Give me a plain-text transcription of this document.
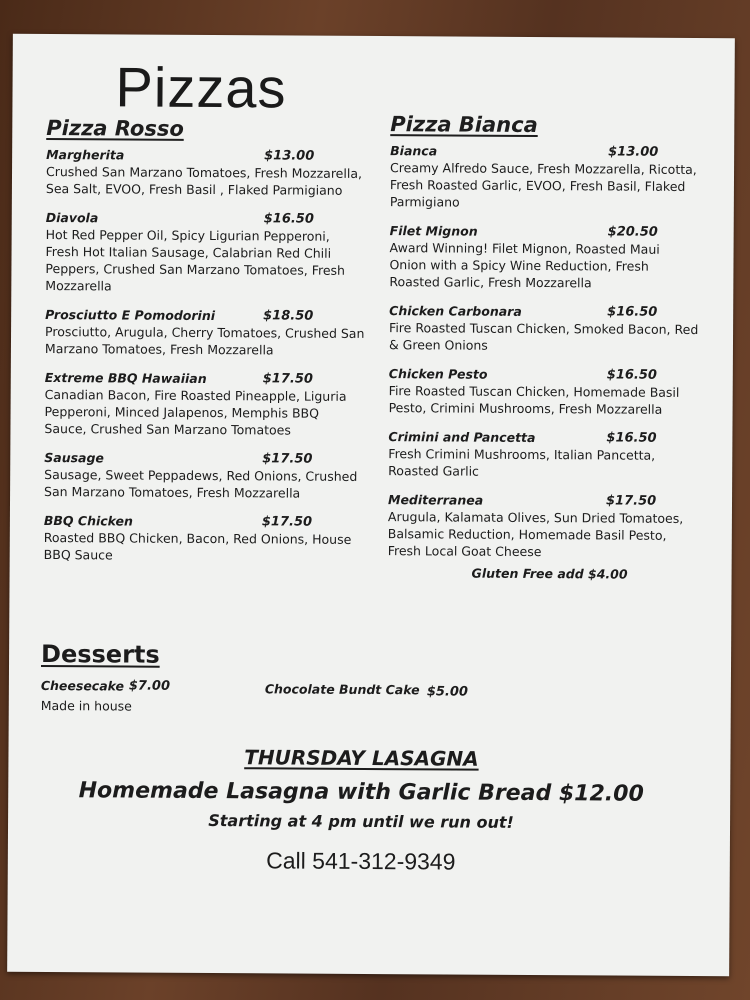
Pizzas
Pizza Rosso	Pizza Bianca
Margherita	$13.00
Crushed San Marzano Tomatoes, Fresh Mozzarella, Sea Salt, EVOO, Fresh Basil , Flaked Parmigiano
Diavola	$16.50
Hot Red Pepper Oil, Spicy Ligurian Pepperoni, Fresh Hot Italian Sausage, Calabrian Red Chili Peppers, Crushed San Marzano Tomatoes, Fresh Mozzarella
Prosciutto E Pomodorini	$18.50
Prosciutto, Arugula, Cherry Tomatoes, Crushed San Marzano Tomatoes, Fresh Mozzarella
Extreme BBQ Hawaiian	$17.50
Canadian Bacon, Fire Roasted Pineapple, Liguria Pepperoni, Minced Jalapenos, Memphis BBQ Sauce, Crushed San Marzano Tomatoes
Sausage	$17.50
Sausage, Sweet Peppadews, Red Onions, Crushed San Marzano Tomatoes, Fresh Mozzarella
BBQ Chicken	$17.50
Roasted BBQ Chicken, Bacon, Red Onions, House BBQ Sauce
Bianca	$13.00
Creamy Alfredo Sauce, Fresh Mozzarella, Ricotta, Fresh Roasted Garlic, EVOO, Fresh Basil, Flaked Parmigiano
Filet Mignon	$20.50
Award Winning! Filet Mignon, Roasted Maui Onion with a Spicy Wine Reduction, Fresh Roasted Garlic, Fresh Mozzarella
Chicken Carbonara	$16.50
Fire Roasted Tuscan Chicken, Smoked Bacon, Red & Green Onions
Chicken Pesto	$16.50
Fire Roasted Tuscan Chicken, Homemade Basil Pesto, Crimini Mushrooms, Fresh Mozzarella
Crimini and Pancetta	$16.50
Fresh Crimini Mushrooms, Italian Pancetta, Roasted Garlic
Mediterranea	$17.50
Arugula, Kalamata Olives, Sun Dried Tomatoes, Balsamic Reduction, Homemade Basil Pesto, Fresh Local Goat Cheese
Gluten Free add $4.00
Desserts
Cheesecake $7.00
Made in house
Chocolate Bundt Cake $5.00
THURSDAY LASAGNA
Homemade Lasagna with Garlic Bread $12.00
Starting at 4 pm until we run out!
Call 541-312-9349
